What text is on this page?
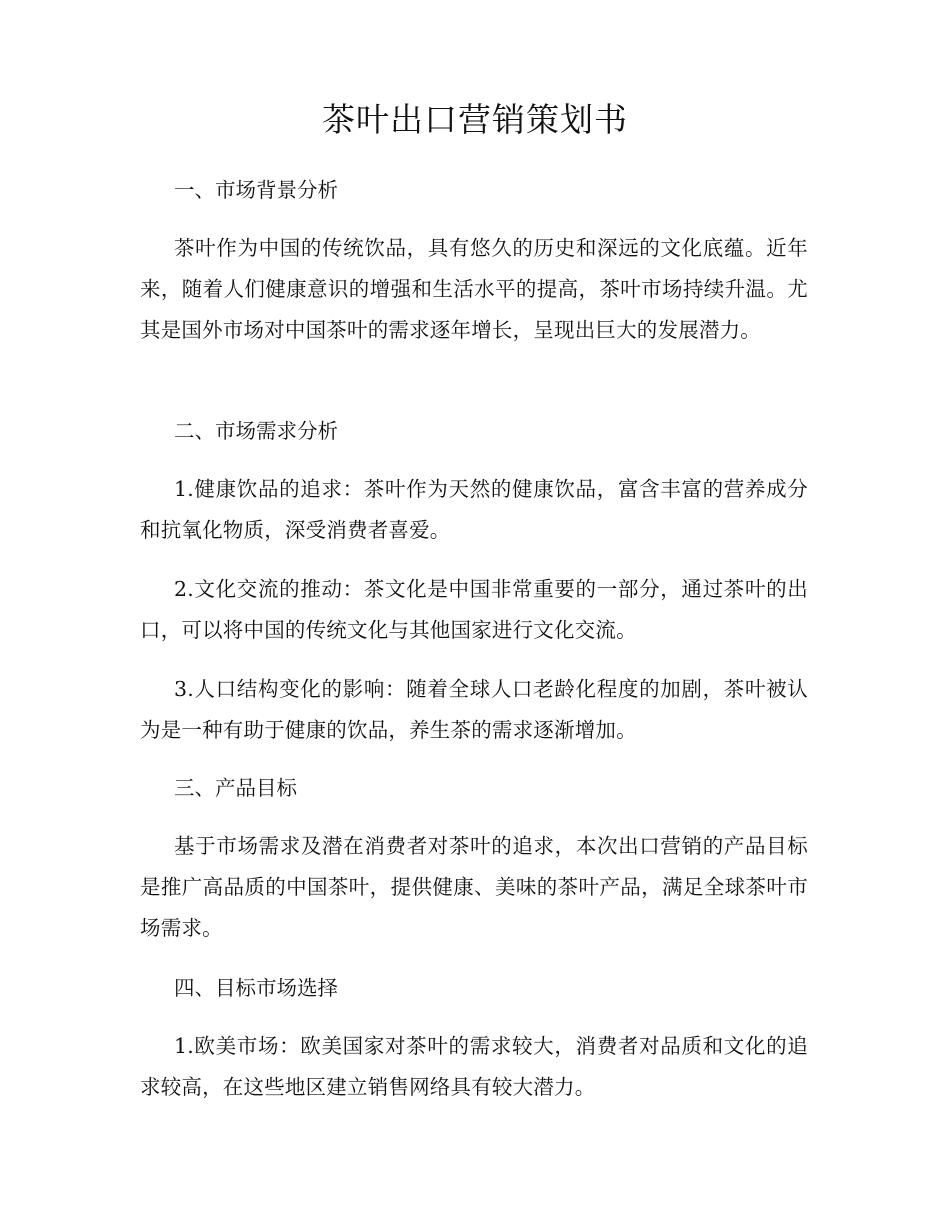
茶叶出口营销策划书
一、市场背景分析

茶叶作为中国的传统饮品，具有悠久的历史和深远的文化底蕴。近年来，随着人们健康意识的增强和生活水平的提高，茶叶市场持续升温。尤其是国外市场对中国茶叶的需求逐年增长，呈现出巨大的发展潜力。

二、市场需求分析

1.健康饮品的追求：茶叶作为天然的健康饮品，富含丰富的营养成分和抗氧化物质，深受消费者喜爱。

2.文化交流的推动：茶文化是中国非常重要的一部分，通过茶叶的出口，可以将中国的传统文化与其他国家进行文化交流。

3.人口结构变化的影响：随着全球人口老龄化程度的加剧，茶叶被认为是一种有助于健康的饮品，养生茶的需求逐渐增加。

三、产品目标

基于市场需求及潜在消费者对茶叶的追求，本次出口营销的产品目标是推广高品质的中国茶叶，提供健康、美味的茶叶产品，满足全球茶叶市场需求。

四、目标市场选择

1.欧美市场：欧美国家对茶叶的需求较大，消费者对品质和文化的追求较高，在这些地区建立销售网络具有较大潜力。
